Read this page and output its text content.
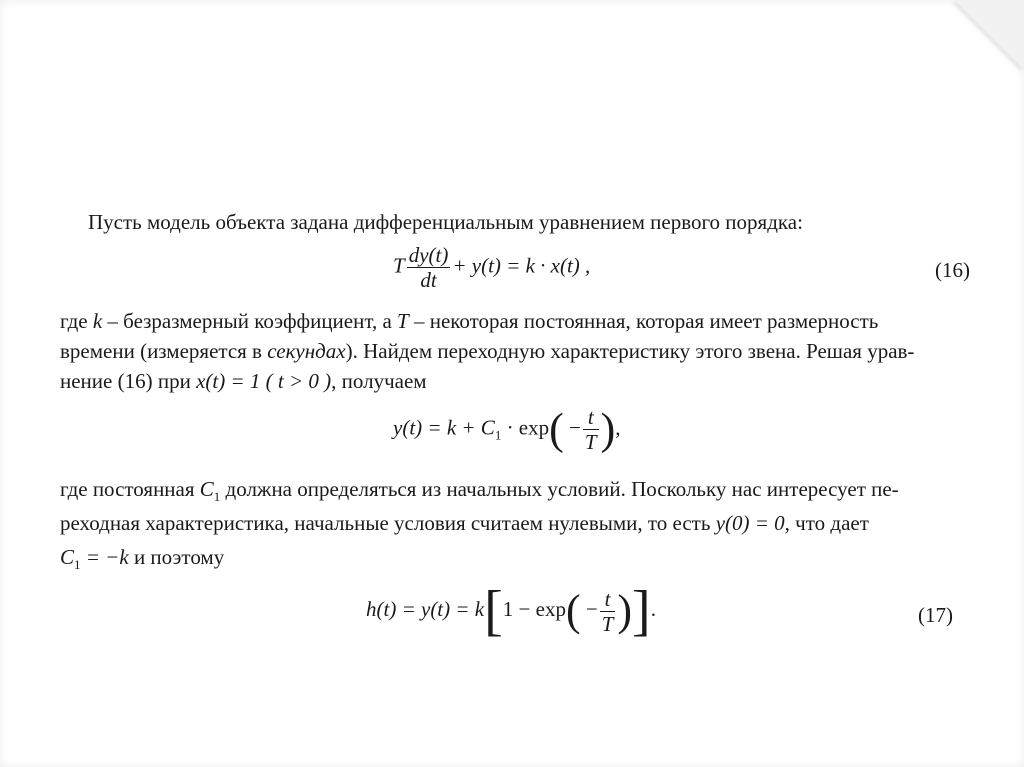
Пусть модель объекта задана дифференциальным уравнением первого порядка:
T $\frac{dy(t)}{dt} + y(t) = k \cdot x(t)$ ,	(16)
где k – безразмерный коэффициент, а T – некоторая постоянная, которая имеет размерность
времени (измеряется в секундах). Найдем переходную характеристику этого звена. Решая урав-
нение (16) при x(t) = 1 ( t > 0 ), получаем
$y(t) = k + C_1 \cdot \exp( - \frac{t}{T}$ ),
где постоянная $C_1$ должна определяться из начальных условий. Поскольку нас интересует пе-
реходная характеристика, начальные условия считаем нулевыми, то есть y(0) = 0, что дает
$C_1 = -k$ и поэтому
$h(t) = y(t) = k[1 - \exp( - \frac{t}{T}$ )].	(17)
